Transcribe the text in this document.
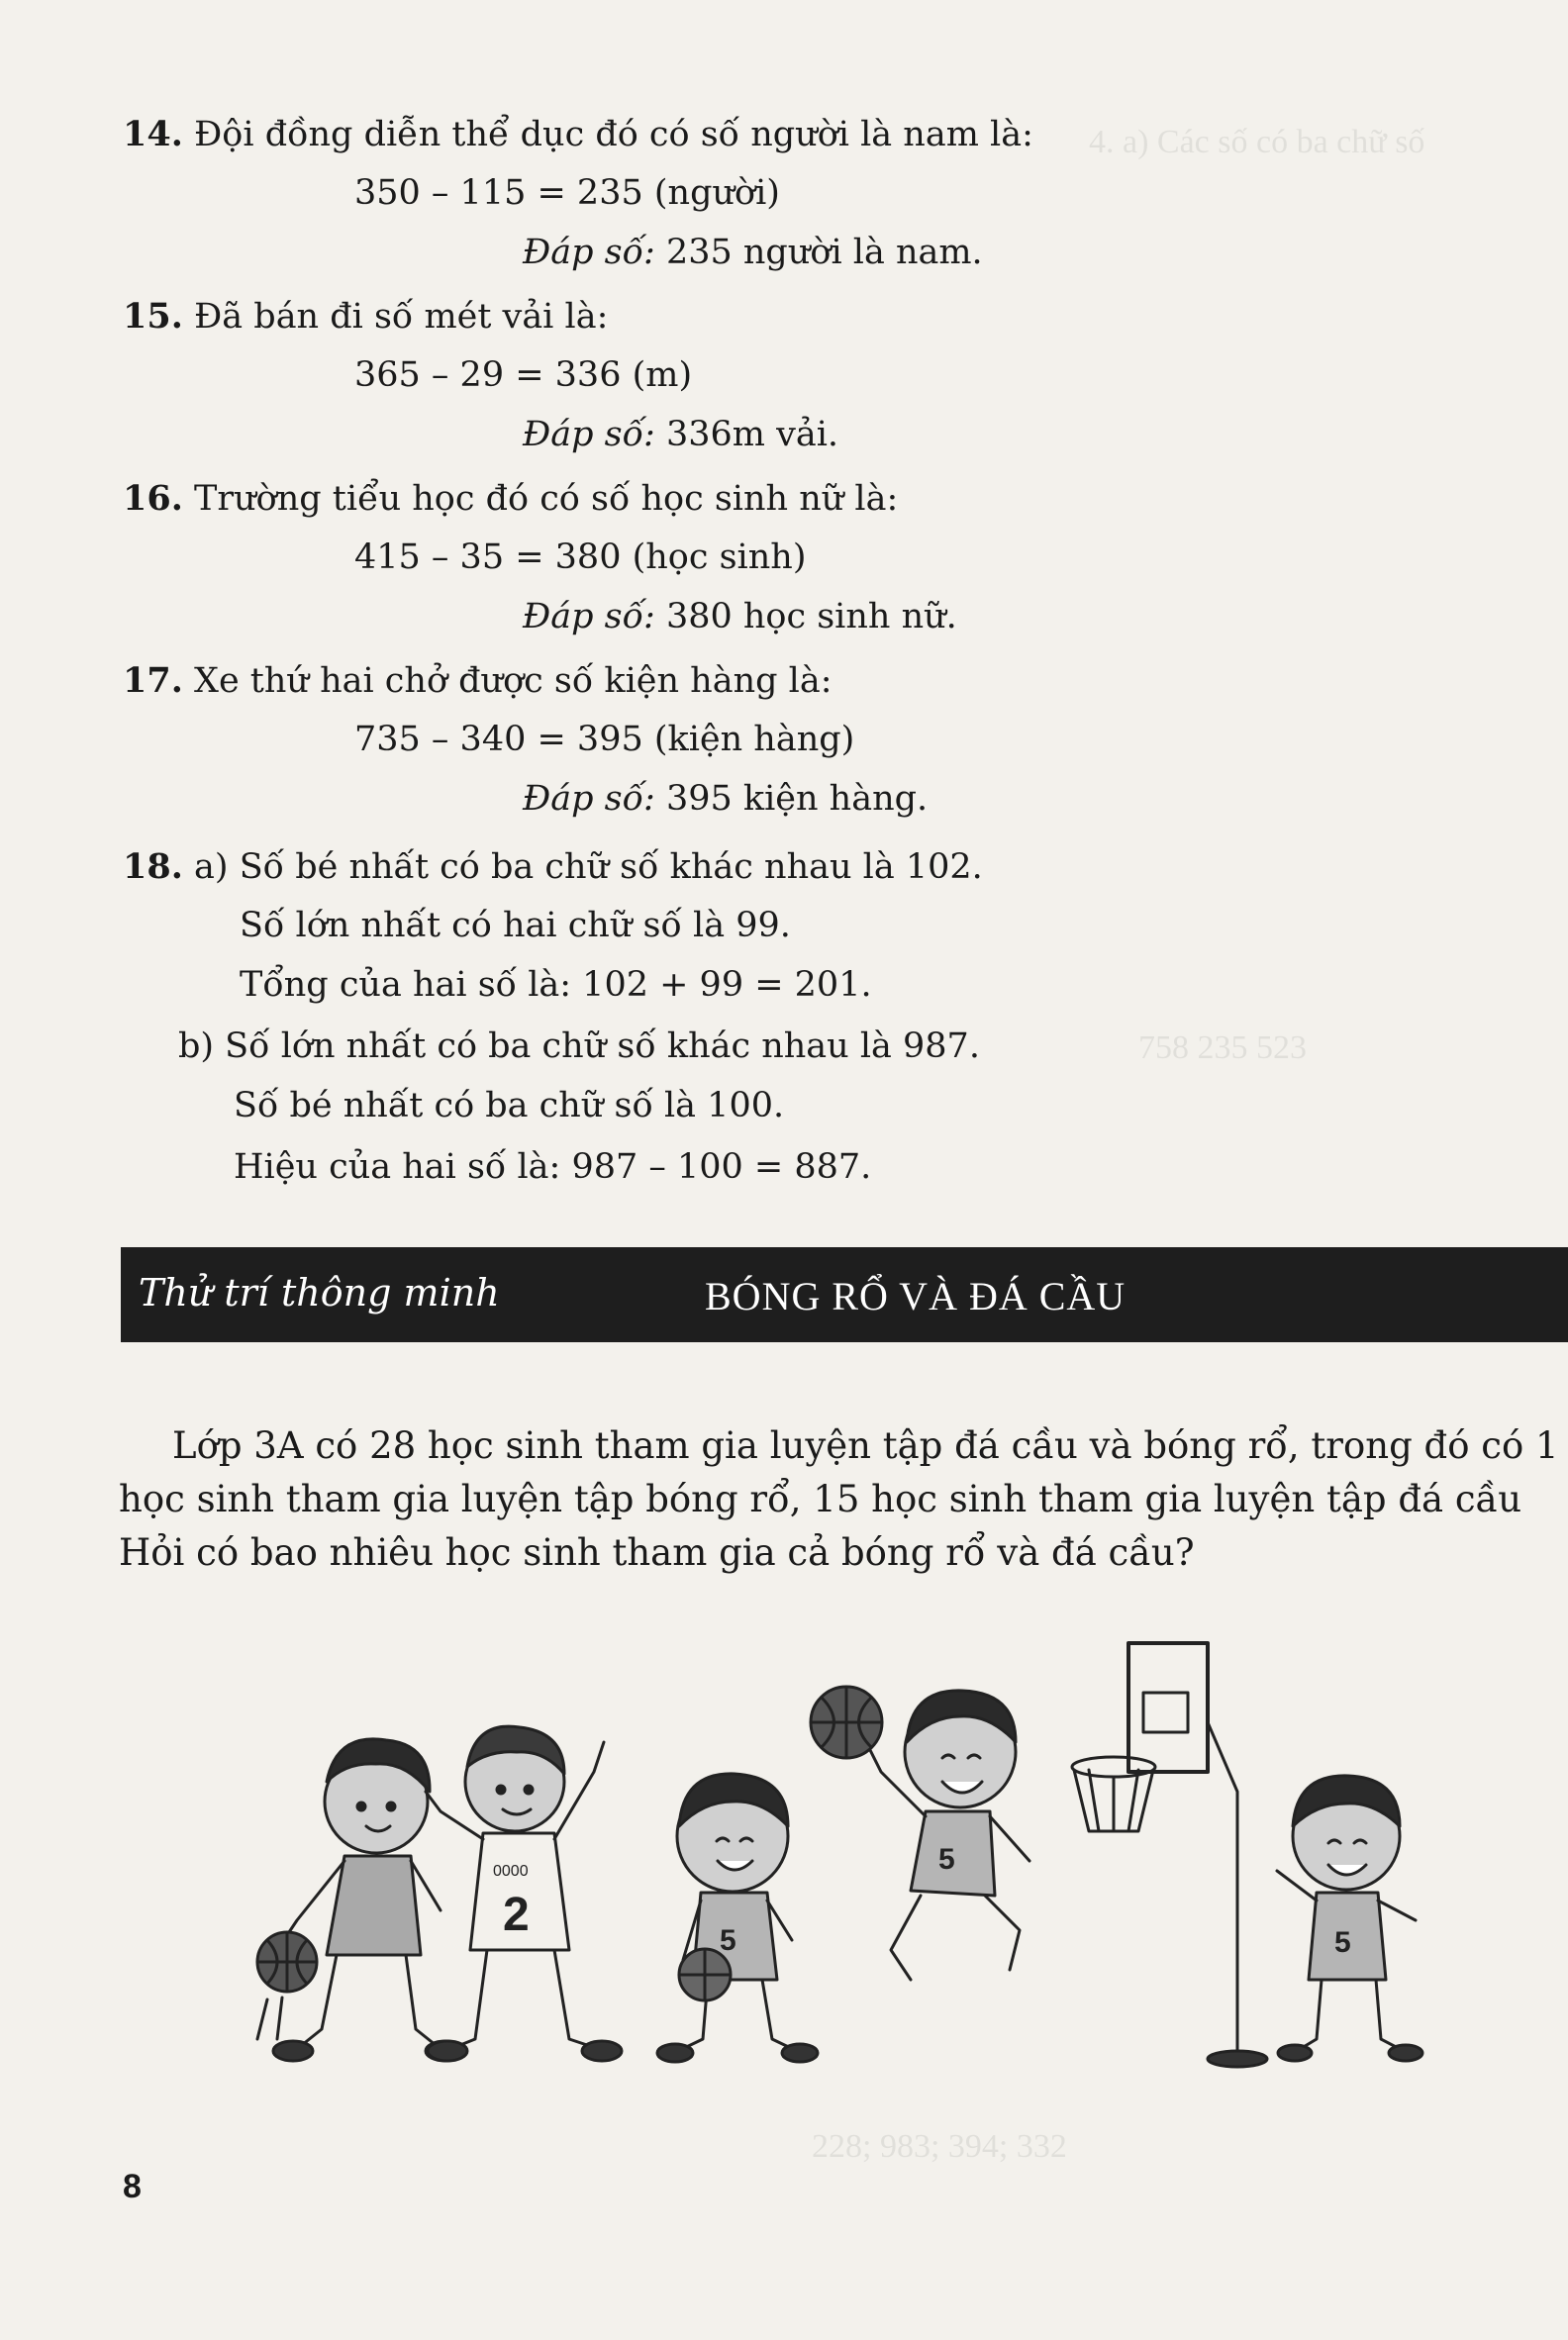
4. a) Các số có ba chữ số
758 235 523
228; 983; 394; 332
14. Đội đồng diễn thể dục đó có số người là nam là:
350 – 115 = 235 (người)
Đáp số: 235 người là nam.
15. Đã bán đi số mét vải là:
365 – 29 = 336 (m)
Đáp số: 336m vải.
16. Trường tiểu học đó có số học sinh nữ là:
415 – 35 = 380 (học sinh)
Đáp số: 380 học sinh nữ.
17. Xe thứ hai chở được số kiện hàng là:
735 – 340 = 395 (kiện hàng)
Đáp số: 395 kiện hàng.
18. a) Số bé nhất có ba chữ số khác nhau là 102.
Số lớn nhất có hai chữ số là 99.
Tổng của hai số là: 102 + 99 = 201.
b) Số lớn nhất có ba chữ số khác nhau là 987.
Số bé nhất có ba chữ số là 100.
Hiệu của hai số là: 987 – 100 = 887.
Thử trí thông minh	BÓNG RỔ VÀ ĐÁ CẦU
Lớp 3A có 28 học sinh tham gia luyện tập đá cầu và bóng rổ, trong đó có 1
học sinh tham gia luyện tập bóng rổ, 15 học sinh tham gia luyện tập đá cầu
Hỏi có bao nhiêu học sinh tham gia cả bóng rổ và đá cầu?
0000
2	5
5
5
8
